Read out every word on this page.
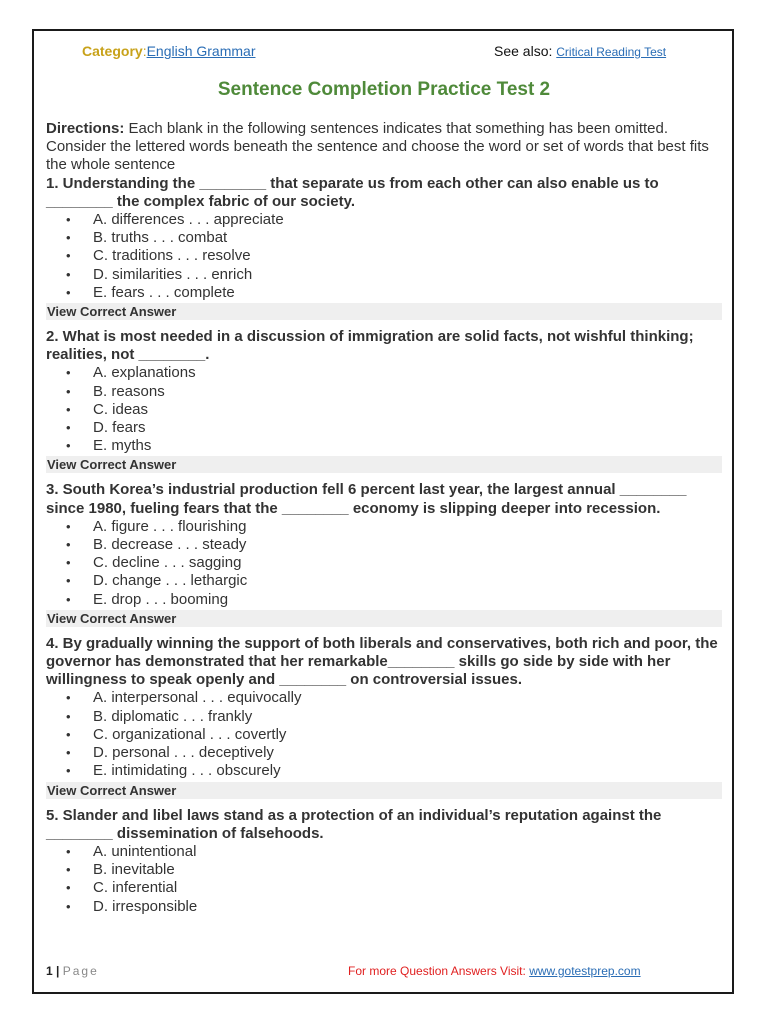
Category:English Grammar	See also: Critical Reading Test
Sentence Completion Practice Test 2

Directions: Each blank in the following sentences indicates that something has been omitted. Consider the lettered words beneath the sentence and choose the word or set of words that best fits the whole sentence

1. Understanding the ________ that separate us from each other can also enable us to ________ the complex fabric of our society.

• A. differences . . . appreciate
• B. truths . . . combat
• C. traditions . . . resolve
• D. similarities . . . enrich
• E. fears . . . complete
View Correct Answer

2. What is most needed in a discussion of immigration are solid facts, not wishful thinking; realities, not ________.

• A. explanations
• B. reasons
• C. ideas
• D. fears
• E. myths
View Correct Answer

3. South Korea’s industrial production fell 6 percent last year, the largest annual ________ since 1980, fueling fears that the ________ economy is slipping deeper into recession.

• A. figure . . . flourishing
• B. decrease . . . steady
• C. decline . . . sagging
• D. change . . . lethargic
• E. drop . . . booming
View Correct Answer

4. By gradually winning the support of both liberals and conservatives, both rich and poor, the governor has demonstrated that her remarkable________ skills go side by side with her willingness to speak openly and ________ on controversial issues.

• A. interpersonal . . . equivocally
• B. diplomatic . . . frankly
• C. organizational . . . covertly
• D. personal . . . deceptively
• E. intimidating . . . obscurely
View Correct Answer

5. Slander and libel laws stand as a protection of an individual’s reputation against the ________ dissemination of falsehoods.

• A. unintentional
• B. inevitable
• C. inferential
• D. irresponsible
1 | Page	For more Question Answers Visit: www.gotestprep.com
